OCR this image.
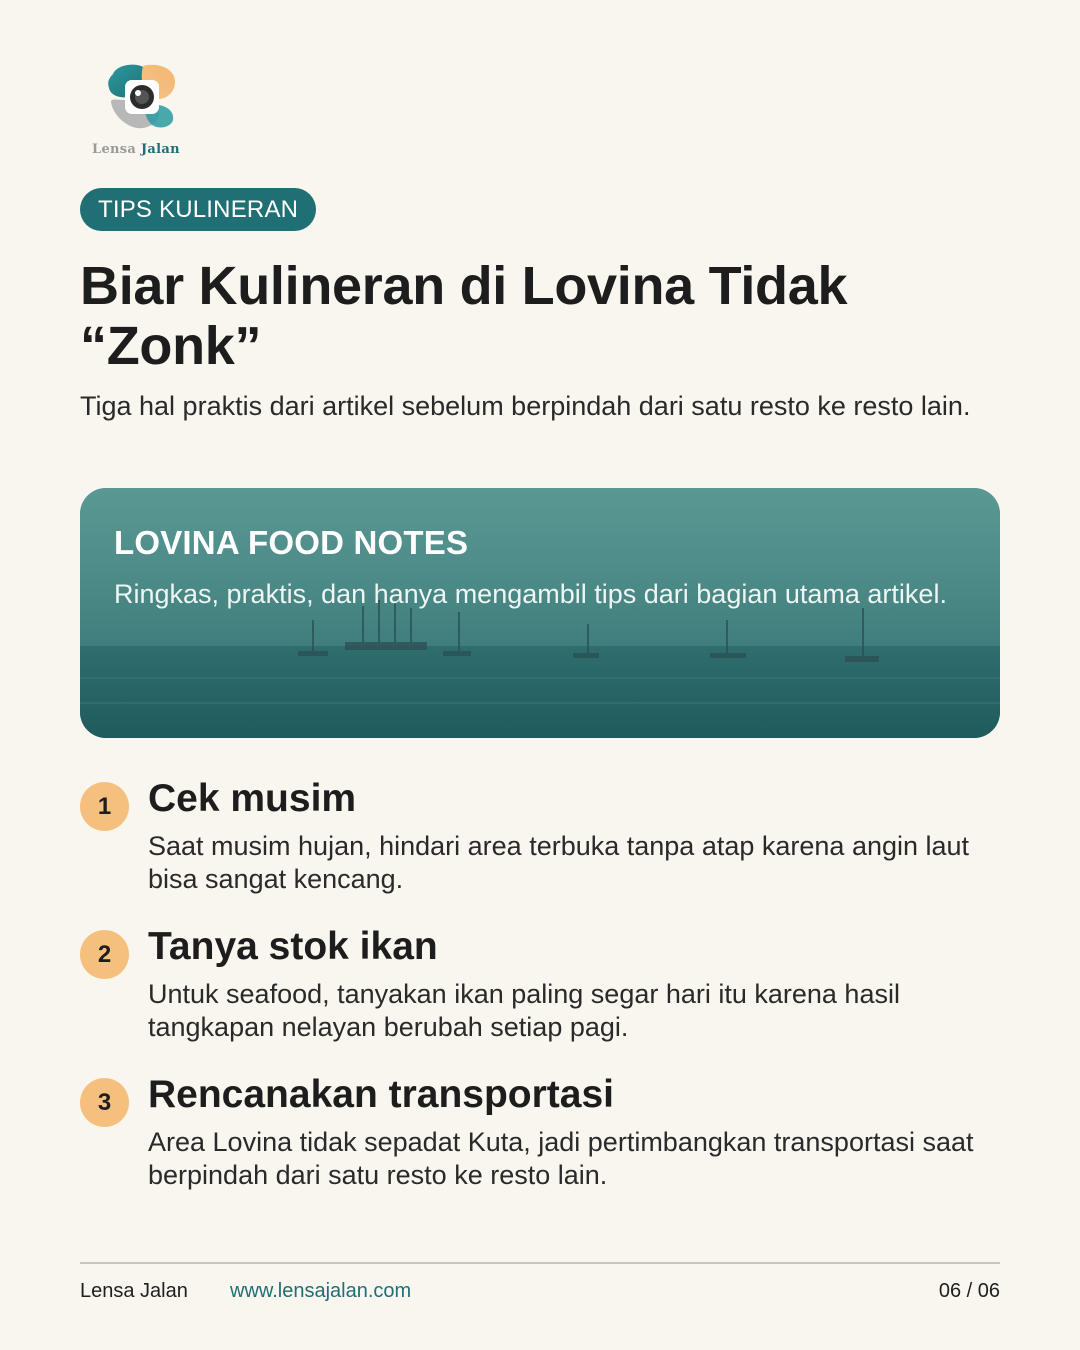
Lensa Jalan
TIPS KULINERAN
Biar Kulineran di Lovina Tidak
“Zonk”

Tiga hal praktis dari artikel sebelum berpindah dari satu resto ke resto lain.

LOVINA FOOD NOTES
Ringkas, praktis, dan hanya mengambil tips dari bagian utama artikel.
1 Cek musim
Saat musim hujan, hindari area terbuka tanpa atap karena angin laut bisa sangat kencang.
2 Tanya stok ikan
Untuk seafood, tanyakan ikan paling segar hari itu karena hasil tangkapan nelayan berubah setiap pagi.
3 Rencanakan transportasi
Area Lovina tidak sepadat Kuta, jadi pertimbangkan transportasi saat berpindah dari satu resto ke resto lain.
Lensa Jalan www.lensajalan.com	06 / 06
